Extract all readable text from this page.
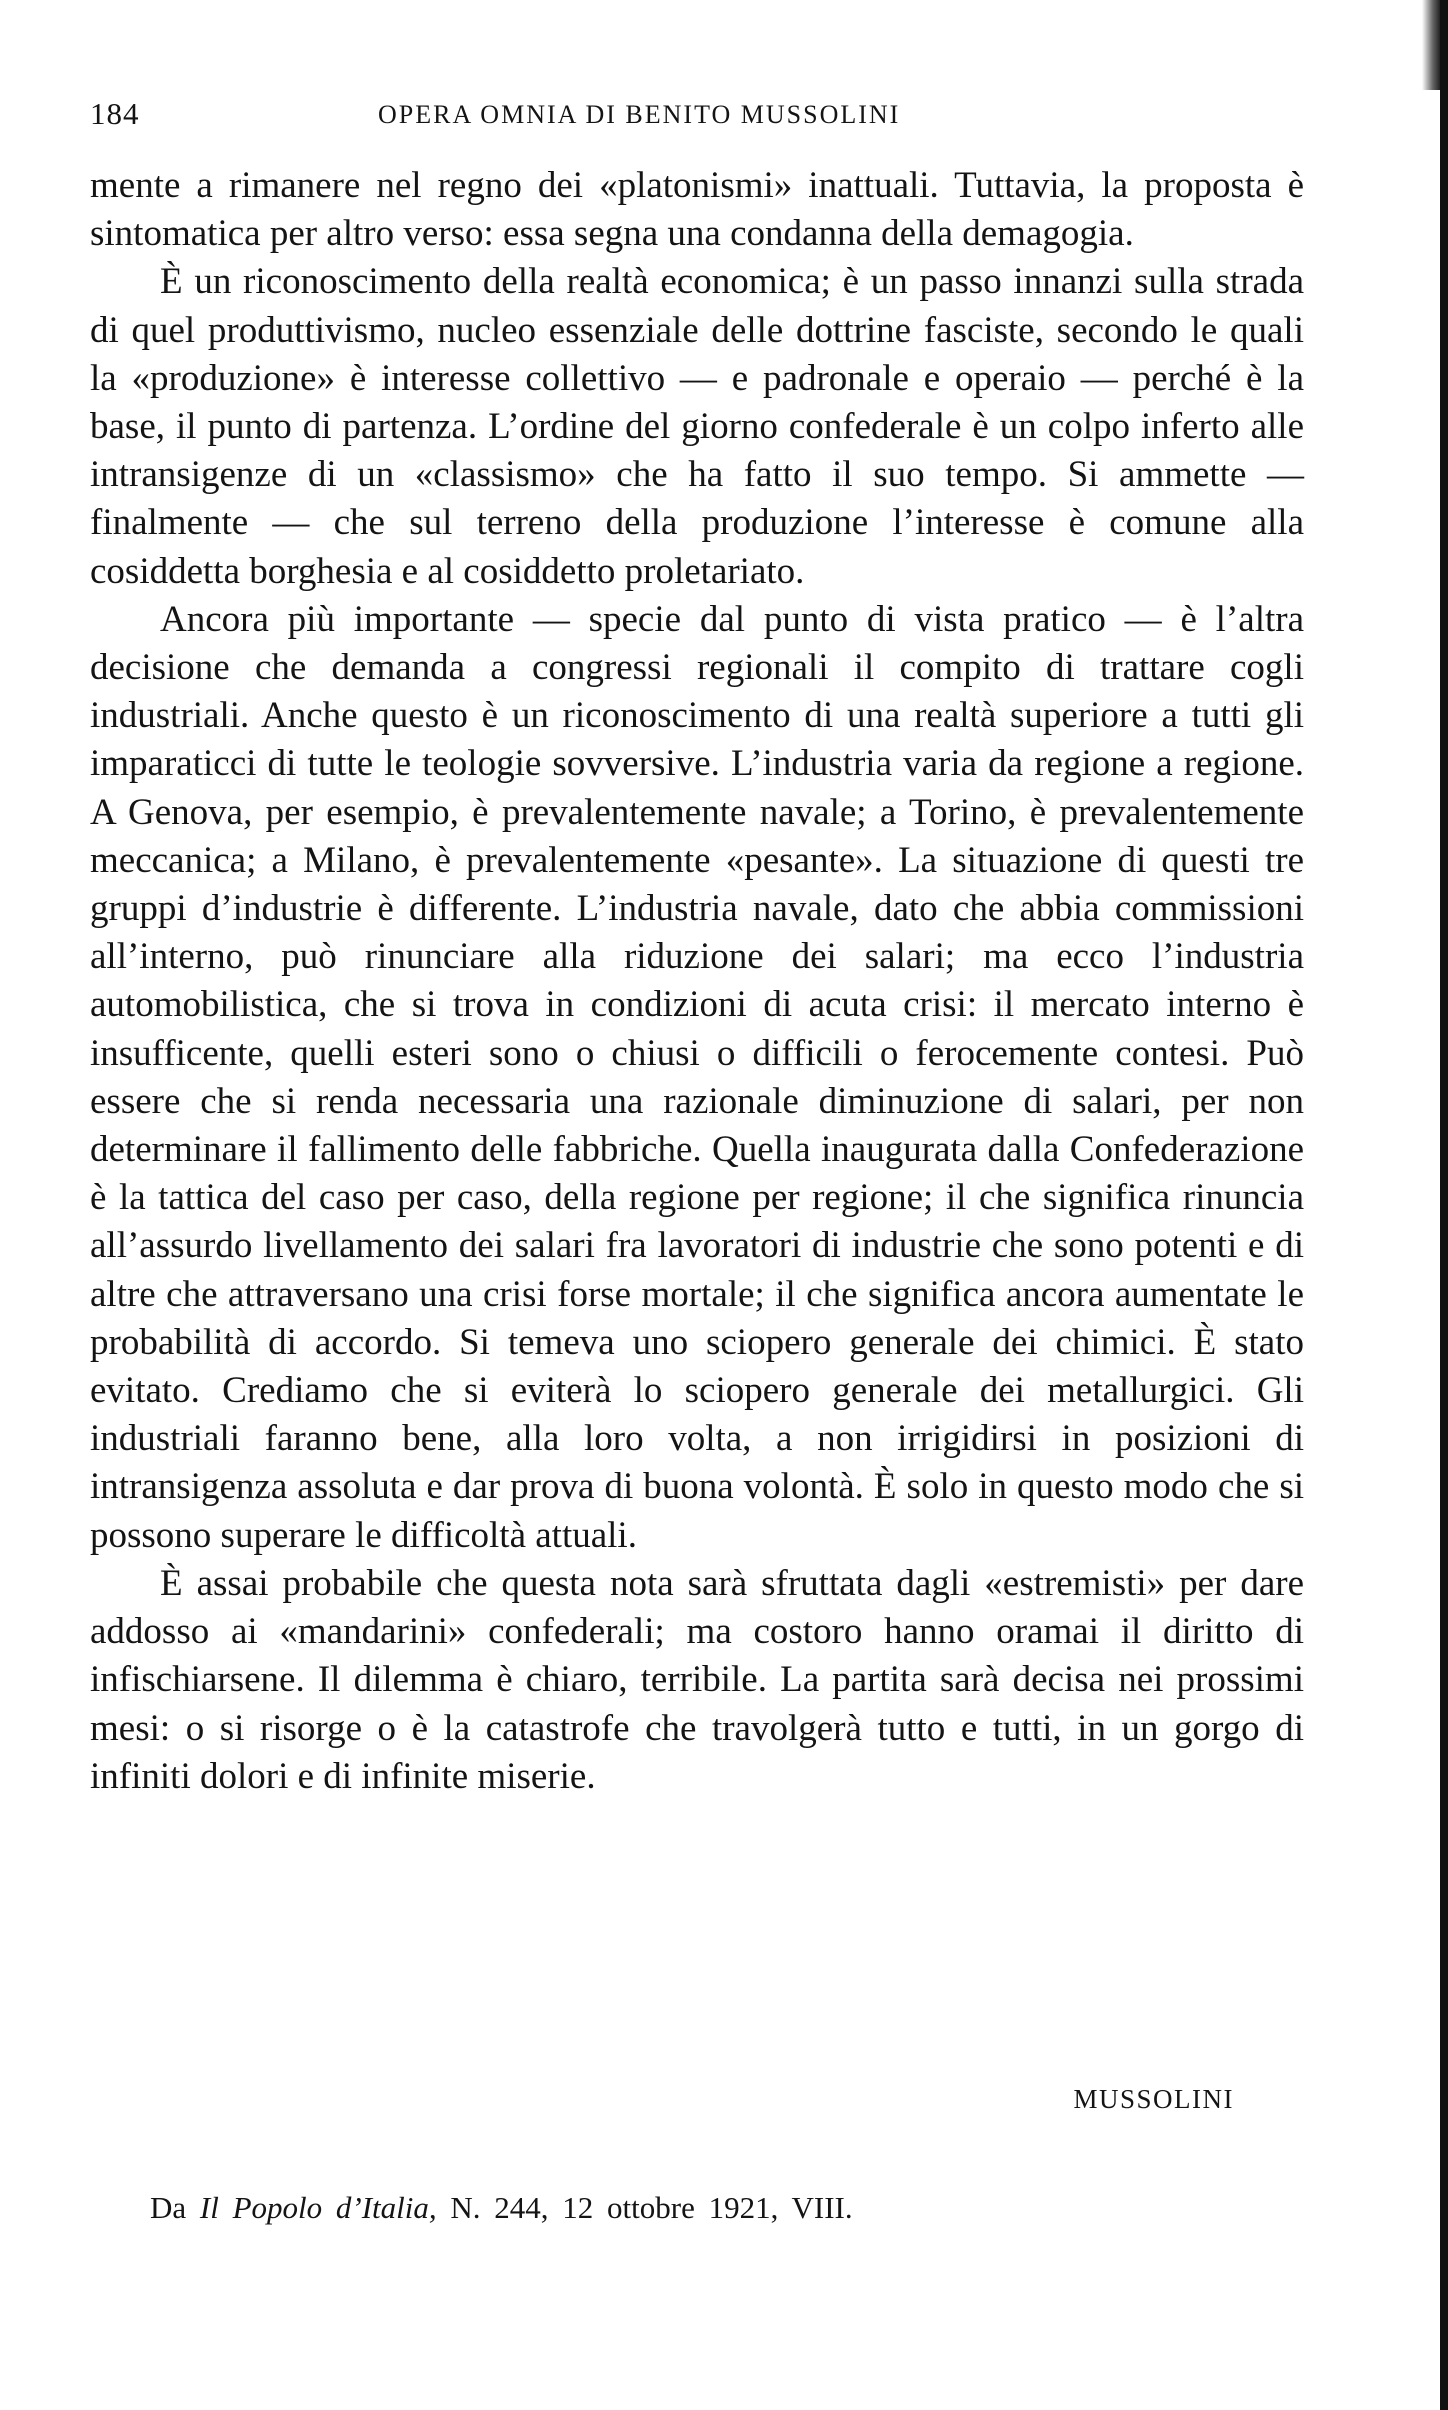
184	OPERA OMNIA DI BENITO MUSSOLINI

mente a rimanere nel regno dei «platonismi» inattuali. Tuttavia, la proposta è sintomatica per altro verso: essa segna una condanna della demagogia.

È un riconoscimento della realtà economica; è un passo innanzi sulla strada di quel produttivismo, nucleo essenziale delle dottrine fasciste, secondo le quali la «produzione» è interesse collettivo — e padronale e operaio — perché è la base, il punto di partenza. L’ordine del giorno confederale è un colpo inferto alle intransigenze di un «classismo» che ha fatto il suo tempo. Si ammette — finalmente — che sul terreno della produzione l’interesse è comune alla cosiddetta borghesia e al cosiddetto proletariato.

Ancora più importante — specie dal punto di vista pratico — è l’altra decisione che demanda a congressi regionali il compito di trattare cogli industriali. Anche questo è un riconoscimento di una realtà superiore a tutti gli imparaticci di tutte le teologie sovversive. L’industria varia da regione a regione. A Genova, per esempio, è prevalentemente navale; a Torino, è prevalentemente meccanica; a Milano, è prevalentemente «pesante». La situazione di questi tre gruppi d’industrie è differente. L’industria navale, dato che abbia commissioni all’interno, può rinunciare alla riduzione dei salari; ma ecco l’industria automobilistica, che si trova in condizioni di acuta crisi: il mercato interno è insufficente, quelli esteri sono o chiusi o difficili o ferocemente contesi. Può essere che si renda necessaria una razionale diminuzione di salari, per non determinare il fallimento delle fabbriche. Quella inaugurata dalla Confederazione è la tattica del caso per caso, della regione per regione; il che significa rinuncia all’assurdo livellamento dei salari fra lavoratori di industrie che sono potenti e di altre che attraversano una crisi forse mortale; il che significa ancora aumentate le probabilità di accordo. Si temeva uno sciopero generale dei chimici. È stato evitato. Crediamo che si eviterà lo sciopero generale dei metallurgici. Gli industriali faranno bene, alla loro volta, a non irrigidirsi in posizioni di intransigenza assoluta e dar prova di buona volontà. È solo in questo modo che si possono superare le difficoltà attuali.

È assai probabile che questa nota sarà sfruttata dagli «estremisti» per dare addosso ai «mandarini» confederali; ma costoro hanno oramai il diritto di infischiarsene. Il dilemma è chiaro, terribile. La partita sarà decisa nei prossimi mesi: o si risorge o è la catastrofe che travolgerà tutto e tutti, in un gorgo di infiniti dolori e di infinite miserie.

MUSSOLINI
Da Il Popolo d’Italia, N. 244, 12 ottobre 1921, VIII.
